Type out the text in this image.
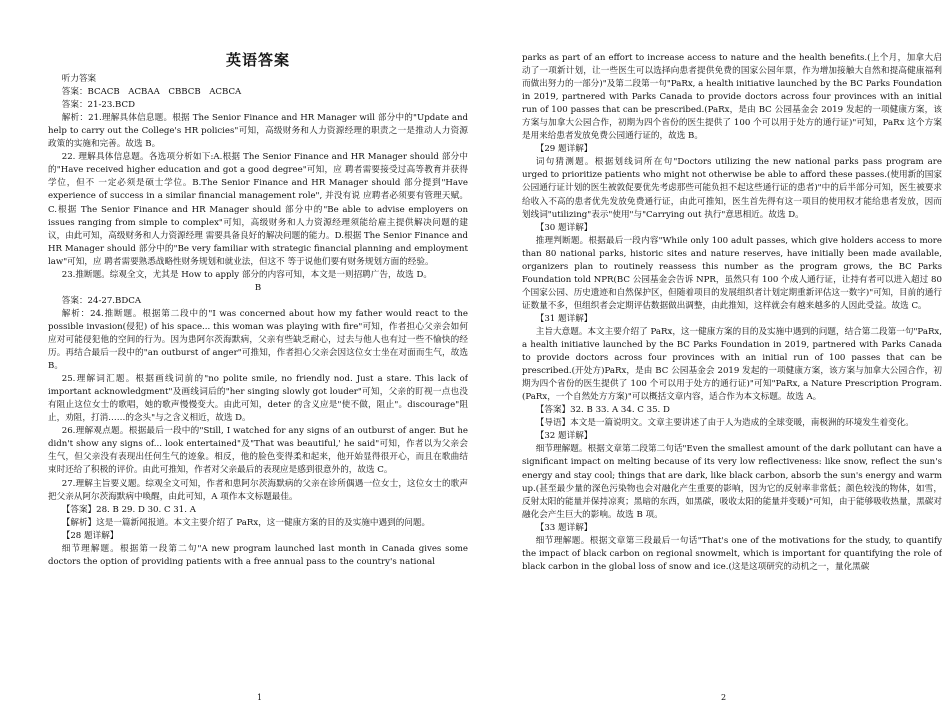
英语答案

听力答案

答案：BCACB　ACBAA　CBBCB　ACBCA

答案：21-23.BCD

解析：21.理解具体信息题。根据 The Senior Finance and HR Manager will 部分中的"Update and help to carry out the College's HR policies"可知，高级财务和人力资源经理的职责之一是推动人力资源政策的实施和完善。故选 B。

22. 理解具体信息题。各选项分析如下:A.根据 The Senior Finance and HR Manager should 部分中的"Have received higher education and got a good degree"可知，应 聘者需要接受过高等教育并获得学位，但不 一定必须是硕士学位。B.The Senior Finance and HR Manager should 部分提到"Have experience of success in a similar financial management role", 并没有说 应聘者必须要有管理天赋。C.根据 The Senior Finance and HR Manager should 部分中的"Be able to advise employers on issues ranging from simple to complex"可知，高级财务和人力资源经理须能给雇主提供解决问题的建议，由此可知，高级财务和人力资源经理 需要具备良好的解决问题的能力。D.根据 The Senior Finance and HR Manager should 部分中的"Be very familiar with strategic financial planning and employment law"可知，应 聘者需要熟悉战略性财务规划和就业法，但这不 等于说他们要有财务规划方面的经验。

23.推断题。综观全文，尤其是 How to apply 部分的内容可知，本文是一则招聘广告，故选 D。

B

答案：24-27.BDCA

解析：24.推断题。根据第二段中的"I was concerned about how my father would react to the possible invasion(侵犯) of his space... this woman was playing with fire"可知，作者担心父亲会如何应对可能侵犯他的空间的行为。因为患阿尔茨海默病，父亲有些缺乏耐心，过去与他人也有过一些不愉快的经历。再结合最后一段中的"an outburst of anger"可推知，作者担心父亲会因这位女士坐在对面而生气，故选 B。

25.理解词汇题。根据画线词前的"no polite smile, no friendly nod. Just a stare. This lack of important acknowledgment"及画线词后的"her singing slowly got louder"可知，父亲的盯视一点也没有阻止这位女士的歌唱，她的歌声慢慢变大。由此可知，deter 的含义应是"使不做，阻止"。discourage"阻止，劝阻，打消……的念头"与之含义相近，故选 D。

26.理解观点题。根据最后一段中的"Still, I watched for any signs of an outburst of anger. But he didn't show any signs of... look entertained"及"That was beautiful,' he said"可知，作者以为父亲会生气，但父亲没有表现出任何生气的迹象。相反，他的脸色变得柔和起来，他开始显得很开心，而且在歌曲结束时还给了积极的评价。由此可推知，作者对父亲最后的表现应是感到很意外的，故选 C。

27.理解主旨要义题。综观全文可知，作者和患阿尔茨海默病的父亲在诊所偶遇一位女士，这位女士的歌声把父亲从阿尔茨海默病中唤醒，由此可知，A 项作本文标题最佳。

【答案】28. B 29. D 30. C 31. A

【解析】这是一篇新闻报道。本文主要介绍了 PaRx，这一健康方案的目的及实施中遇到的问题。

【28 题详解】

细节理解题。根据第一段第二句"A new program launched last month in Canada gives some doctors the option of providing patients with a free annual pass to the country's national

parks as part of an effort to increase access to nature and the health benefits.(上个月，加拿大启动了一项新计划，让一些医生可以选择向患者提供免费的国家公园年票，作为增加接触大自然和提高健康福利而做出努力的一部分)"及第二段第一句"PaRx, a health initiative launched by the BC Parks Foundation in 2019, partnered with Parks Canada to provide doctors across four provinces with an initial run of 100 passes that can be prescribed.(PaRx，是由 BC 公园基金会 2019 发起的一项健康方案，该方案与加拿大公园合作，初期为四个省份的医生提供了 100 个可以用于处方的通行证)"可知，PaRx 这个方案是用来给患者发放免费公园通行证的，故选 B。

【29 题详解】

词句猜测题。根据划线词所在句"Doctors utilizing the new national parks pass program are urged to prioritize patients who might not otherwise be able to afford these passes.(使用新的国家公园通行证计划的医生被敦促要优先考虑那些可能负担不起这些通行证的患者)"中的后半部分可知，医生被要求给收入不高的患者优先发放免费通行证，由此可推知，医生首先得有这一项目的使用权才能给患者发放，因而划线词"utilizing"表示"使用"与"Carrying out 执行"意思相近。故选 D。

【30 题详解】

推理判断题。根据最后一段内容"While only 100 adult passes, which give holders access to more than 80 national parks, historic sites and nature reserves, have initially been made available, organizers plan to routinely reassess this number as the program grows, the BC Parks Foundation told NPR(BC 公园基金会告诉 NPR，虽然只有 100 个成人通行证，让持有者可以进入超过 80 个国家公园、历史遗迹和自然保护区，但随着项目的发展组织者计划定期重新评估这一数字)"可知，目前的通行证数量不多，但组织者会定期评估数据做出调整，由此推知，这样就会有越来越多的人因此受益。故选 C。

【31 题详解】

主旨大意题。本文主要介绍了 PaRx，这一健康方案的目的及实施中遇到的问题，结合第二段第一句"PaRx, a health initiative launched by the BC Parks Foundation in 2019, partnered with Parks Canada to provide doctors across four provinces with an initial run of 100 passes that can be prescribed.(开处方)PaRx，是由 BC 公园基金会 2019 发起的一项健康方案，该方案与加拿大公园合作，初期为四个省份的医生提供了 100 个可以用于处方的通行证)"可知"PaRx, a Nature Prescription Program.(PaRx，一个自然处方方案)"可以概括文章内容，适合作为本文标题。故选 A。

【答案】32. B 33. A 34. C 35. D

【导语】本文是一篇说明文。文章主要讲述了由于人为造成的全球变暖，南极洲的环境发生着变化。

【32 题详解】

细节理解题。根据文章第二段第二句话"Even the smallest amount of the dark pollutant can have a significant impact on melting because of its very low reflectiveness: like snow, reflect the sun's energy and stay cool; things that are dark, like black carbon, absorb the sun's energy and warm up.(甚至最少量的深色污染物也会对融化产生重要的影响，因为它的反射率非常低；颜色较浅的物体，如雪，反射太阳的能量并保持凉爽；黑暗的东西，如黑碳，吸收太阳的能量并变暖)"可知，由于能够吸收热量，黑碳对融化会产生巨大的影响。故选 B 项。

【33 题详解】

细节理解题。根据文章第三段最后一句话"That's one of the motivations for the study, to quantify the impact of black carbon on regional snowmelt, which is important for quantifying the role of black carbon in the global loss of snow and ice.(这是这项研究的动机之一，量化黑碳

1	2
